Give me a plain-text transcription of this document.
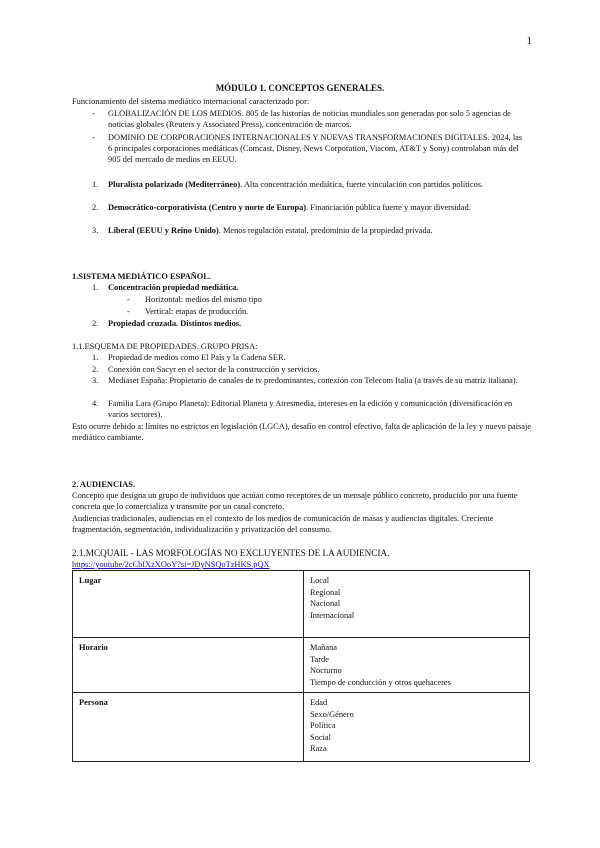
1
MÓDULO 1. CONCEPTOS GENERALES.
Funcionamiento del sistema mediático internacional caracterizado por:
-	GLOBALIZACIÓN DE LOS MEDIOS. 805 de las historias de noticias mundiales son generadas por solo 5 agencias de noticias globales (Reuters y Associated Press), concentración de marcos.
-	DOMINIO DE CORPORACIONES INTERNACIONALES Y NUEVAS TRANSFORMACIONES DIGITALES. 2024, las 6 principales corporaciones mediáticas (Comcast, Disney, News Corporation, Viacom, AT&T y Sony) controlaban más del 905 del mercado de medios en EEUU.
1.	Pluralista polarizado (Mediterráneo). Alta concentración mediática, fuerte vinculación con partidos políticos.
2.	Democrático-corporativista (Centro y norte de Europa). Financiación pública fuerte y mayor diversidad.
3.	Liberal (EEUU y Reino Unido). Menos regulación estatal, predominio de la propiedad privada.
1.SISTEMA MEDIÁTICO ESPAÑOL.
1.	Concentración propiedad mediática.
- Horizontal: medios del mismo tipo
- Vertical: etapas de producción.
2.	Propiedad cruzada. Distintos medios.
1.1.ESQUEMA DE PROPIEDADES. GRUPO PRISA:
1.	Propiedad de medios como El País y la Cadena SER.
2.	Conexión con Sacyr en el sector de la construcción y servicios.
3.	Mediaset España: Propietario de canales de tv predominantes, conexión con Telecom Italia (a través de su matriz italiana).
4.	Familia Lara (Grupo Planeta): Editorial Planeta y Atresmedia, intereses en la edición y comunicación (diversificación en varios sectores).
Esto ocurre debido a: límites no estrictos en legislación (LGCA), desafío en control efectivo, falta de aplicación de la ley y nuevo paisaje mediático cambiante.
2. AUDIENCIAS.
Concepto que designa un grupo de individuos que actúan como receptores de un mensaje público concreto, producido por una fuente concreta que lo comercializa y transmite por un canal concreto.
Audiencias tradicionales, audiencias en el contexto de los medios de comunicación de masas y audiencias digitales. Creciente fragmentación, segmentación, individualización y privatización del consumo.
2.1.MCQUAIL - LAS MORFOLOGÍAS NO EXCLUYENTES DE LA AUDIENCIA.
https://youtube/2cCbIXzXOoY?si=JDyNSQoTzHKS.pQX
Lugar	Local
Regional
Nacional
Internacional

Horario	Mañana
Tarde
Nocturno
Tiempo de conducción y otros quehaceres

Persona	Edad
Sexo/Género
Política
Social
Raza
